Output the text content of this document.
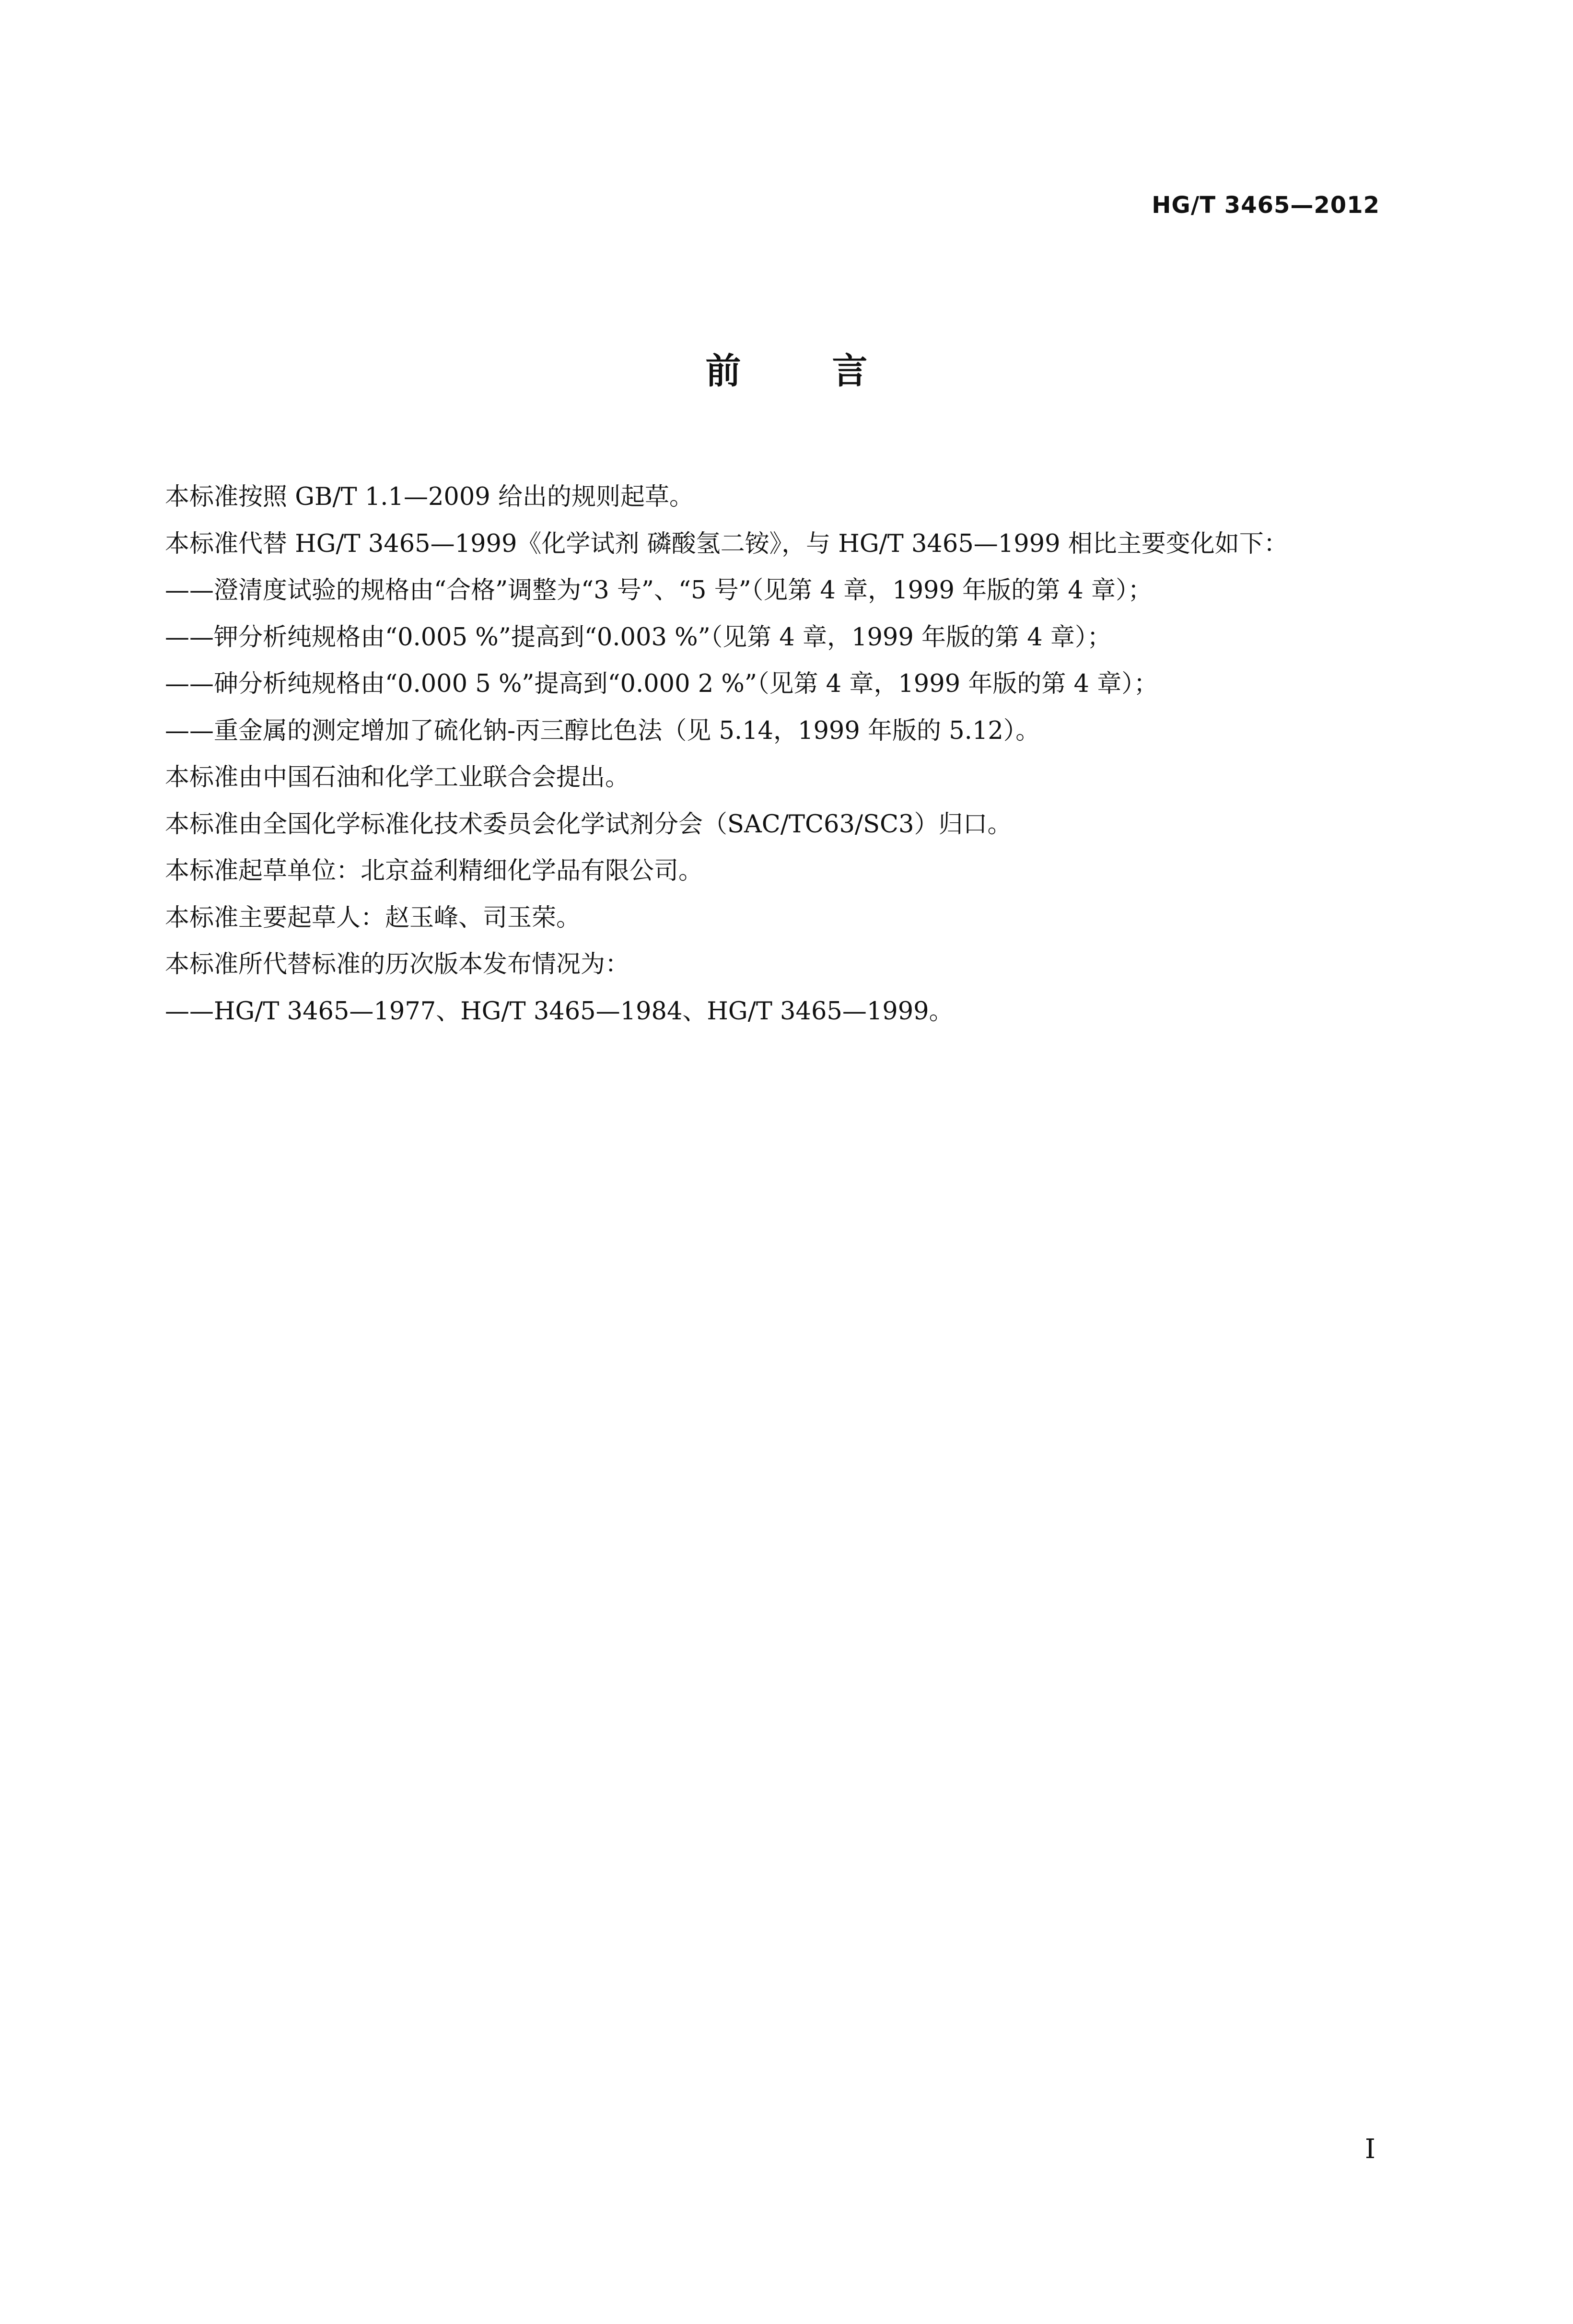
HG/T 3465—2012
前言

本标准按照 GB/T 1.1—2009 给出的规则起草。

本标准代替 HG/T 3465—1999《化学试剂 磷酸氢二铵》，与 HG/T 3465—1999 相比主要变化如下：

——澄清度试验的规格由“合格”调整为“3 号”、“5 号”（见第 4 章，1999 年版的第 4 章）；

——钾分析纯规格由“0.005 %”提高到“0.003 %”（见第 4 章，1999 年版的第 4 章）；

——砷分析纯规格由“0.000 5 %”提高到“0.000 2 %”（见第 4 章，1999 年版的第 4 章）；

——重金属的测定增加了硫化钠-丙三醇比色法（见 5.14，1999 年版的 5.12）。

本标准由中国石油和化学工业联合会提出。

本标准由全国化学标准化技术委员会化学试剂分会（SAC/TC63/SC3）归口。

本标准起草单位：北京益利精细化学品有限公司。

本标准主要起草人：赵玉峰、司玉荣。

本标准所代替标准的历次版本发布情况为：

——HG/T 3465—1977、HG/T 3465—1984、HG/T 3465—1999。

I
